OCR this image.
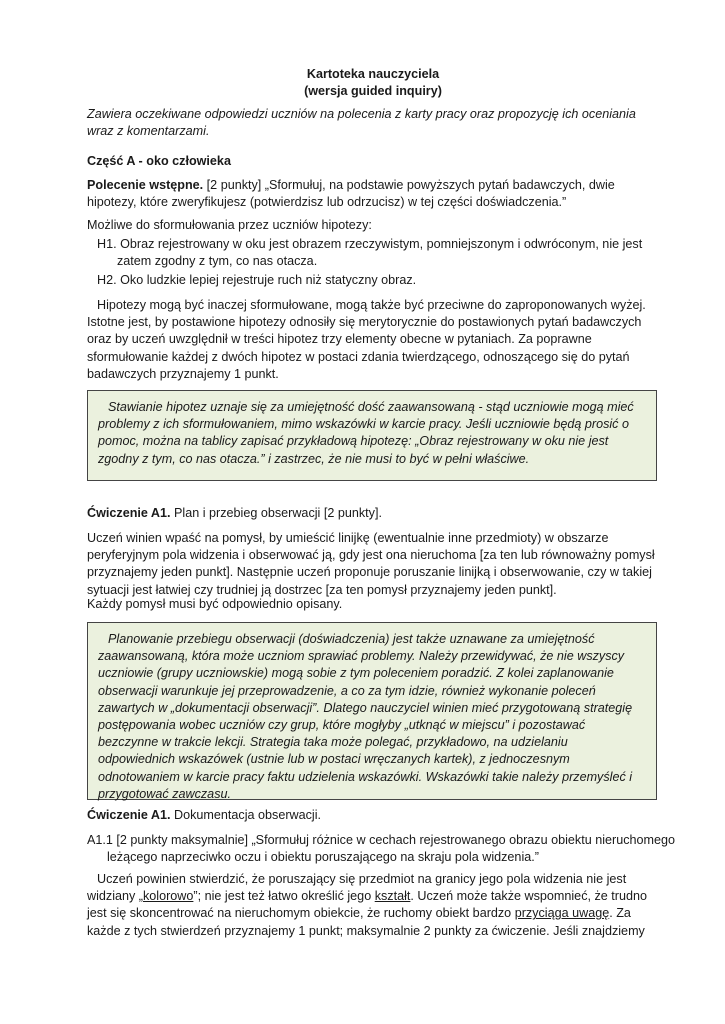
Kartoteka nauczyciela
(wersja guided inquiry)

Zawiera oczekiwane odpowiedzi uczniów na polecenia z karty pracy oraz propozycję ich oceniania wraz z komentarzami.

Część A - oko człowieka

Polecenie wstępne. [2 punkty] „Sformułuj, na podstawie powyższych pytań badawczych, dwie hipotezy, które zweryfikujesz (potwierdzisz lub odrzucisz) w tej części doświadczenia.”

Możliwe do sformułowania przez uczniów hipotezy:

H1. Obraz rejestrowany w oku jest obrazem rzeczywistym, pomniejszonym i odwróconym, nie jest zatem zgodny z tym, co nas otacza.

H2. Oko ludzkie lepiej rejestruje ruch niż statyczny obraz.

Hipotezy mogą być inaczej sformułowane, mogą także być przeciwne do zaproponowanych wyżej. Istotne jest, by postawione hipotezy odnosiły się merytorycznie do postawionych pytań badawczych oraz by uczeń uwzględnił w treści hipotez trzy elementy obecne w pytaniach. Za poprawne sformułowanie każdej z dwóch hipotez w postaci zdania twierdzącego, odnoszącego się do pytań badawczych przyznajemy 1 punkt.

Stawianie hipotez uznaje się za umiejętność dość zaawansowaną - stąd uczniowie mogą mieć problemy z ich sformułowaniem, mimo wskazówki w karcie pracy. Jeśli uczniowie będą prosić o pomoc, można na tablicy zapisać przykładową hipotezę: „Obraz rejestrowany w oku nie jest zgodny z tym, co nas otacza.” i zastrzec, że nie musi to być w pełni właściwe.

Ćwiczenie A1. Plan i przebieg obserwacji [2 punkty].

Uczeń winien wpaść na pomysł, by umieścić linijkę (ewentualnie inne przedmioty) w obszarze peryferyjnym pola widzenia i obserwować ją, gdy jest ona nieruchoma [za ten lub równoważny pomysł przyznajemy jeden punkt]. Następnie uczeń proponuje poruszanie linijką i obserwowanie, czy w takiej sytuacji jest łatwiej czy trudniej ją dostrzec [za ten pomysł przyznajemy jeden punkt].

Każdy pomysł musi być odpowiednio opisany.

Planowanie przebiegu obserwacji (doświadczenia) jest także uznawane za umiejętność zaawansowaną, która może uczniom sprawiać problemy. Należy przewidywać, że nie wszyscy uczniowie (grupy uczniowskie) mogą sobie z tym poleceniem poradzić. Z kolei zaplanowanie obserwacji warunkuje jej przeprowadzenie, a co za tym idzie, również wykonanie poleceń zawartych w „dokumentacji obserwacji”. Dlatego nauczyciel winien mieć przygotowaną strategię postępowania wobec uczniów czy grup, które mogłyby „utknąć w miejscu” i pozostawać bezczynne w trakcie lekcji. Strategia taka może polegać, przykładowo, na udzielaniu odpowiednich wskazówek (ustnie lub w postaci wręczanych kartek), z jednoczesnym odnotowaniem w karcie pracy faktu udzielenia wskazówki. Wskazówki takie należy przemyśleć i przygotować zawczasu.

Ćwiczenie A1. Dokumentacja obserwacji.

A1.1 [2 punkty maksymalnie] „Sformułuj różnice w cechach rejestrowanego obrazu obiektu nieruchomego leżącego naprzeciwko oczu i obiektu poruszającego na skraju pola widzenia.”

Uczeń powinien stwierdzić, że poruszający się przedmiot na granicy jego pola widzenia nie jest widziany „kolorowo”; nie jest też łatwo określić jego kształt. Uczeń może także wspomnieć, że trudno jest się skoncentrować na nieruchomym obiekcie, że ruchomy obiekt bardzo przyciąga uwagę. Za każde z tych stwierdzeń przyznajemy 1 punkt; maksymalnie 2 punkty za ćwiczenie. Jeśli znajdziemy
